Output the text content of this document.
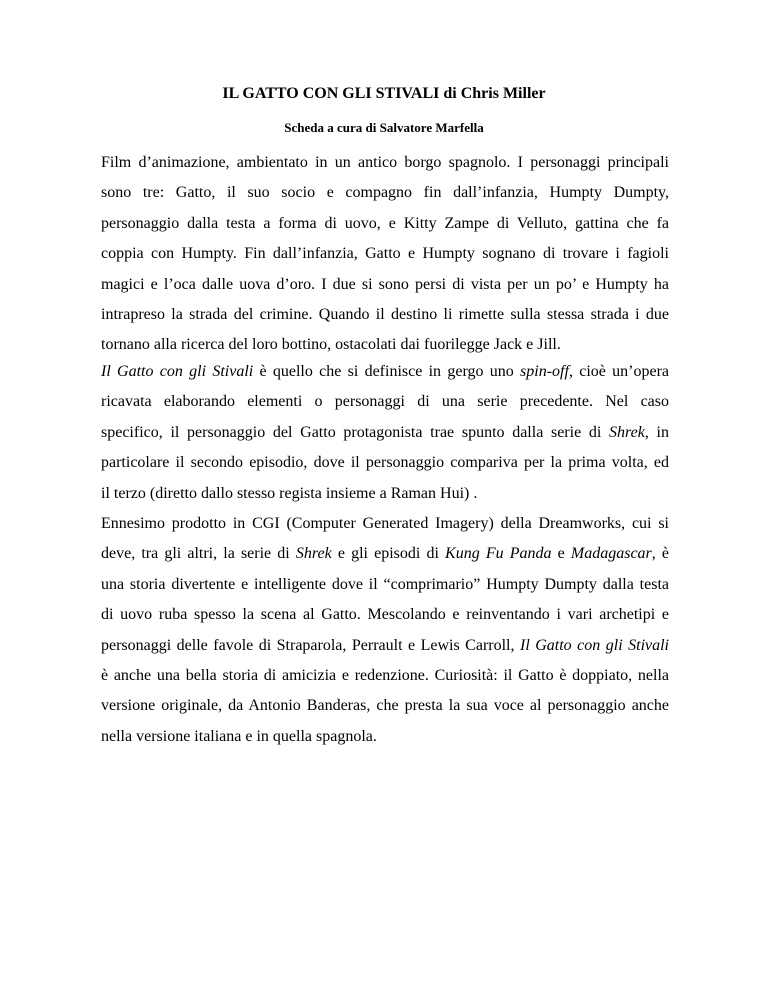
IL GATTO CON GLI STIVALI di Chris Miller
Scheda a cura di Salvatore Marfella
Film d’animazione, ambientato in un antico borgo spagnolo. I personaggi principali
sono tre: Gatto, il suo socio e compagno fin dall’infanzia, Humpty Dumpty,
personaggio dalla testa a forma di uovo, e Kitty Zampe di Velluto, gattina che fa
coppia con Humpty. Fin dall’infanzia, Gatto e Humpty sognano di trovare i fagioli
magici e l’oca dalle uova d’oro. I due si sono persi di vista per un po’ e Humpty ha
intrapreso la strada del crimine. Quando il destino li rimette sulla stessa strada i due
tornano alla ricerca del loro bottino, ostacolati dai fuorilegge Jack e Jill.
Il Gatto con gli Stivali è quello che si definisce in gergo uno spin-off, cioè un’opera
ricavata elaborando elementi o personaggi di una serie precedente. Nel caso
specifico, il personaggio del Gatto protagonista trae spunto dalla serie di Shrek, in
particolare il secondo episodio, dove il personaggio compariva per la prima volta, ed
il terzo (diretto dallo stesso regista insieme a Raman Hui) .
Ennesimo prodotto in CGI (Computer Generated Imagery) della Dreamworks, cui si
deve, tra gli altri, la serie di Shrek e gli episodi di Kung Fu Panda e Madagascar, è
una storia divertente e intelligente dove il “comprimario” Humpty Dumpty dalla testa
di uovo ruba spesso la scena al Gatto. Mescolando e reinventando i vari archetipi e
personaggi delle favole di Straparola, Perrault e Lewis Carroll, Il Gatto con gli Stivali
è anche una bella storia di amicizia e redenzione. Curiosità: il Gatto è doppiato, nella
versione originale, da Antonio Banderas, che presta la sua voce al personaggio anche
nella versione italiana e in quella spagnola.
